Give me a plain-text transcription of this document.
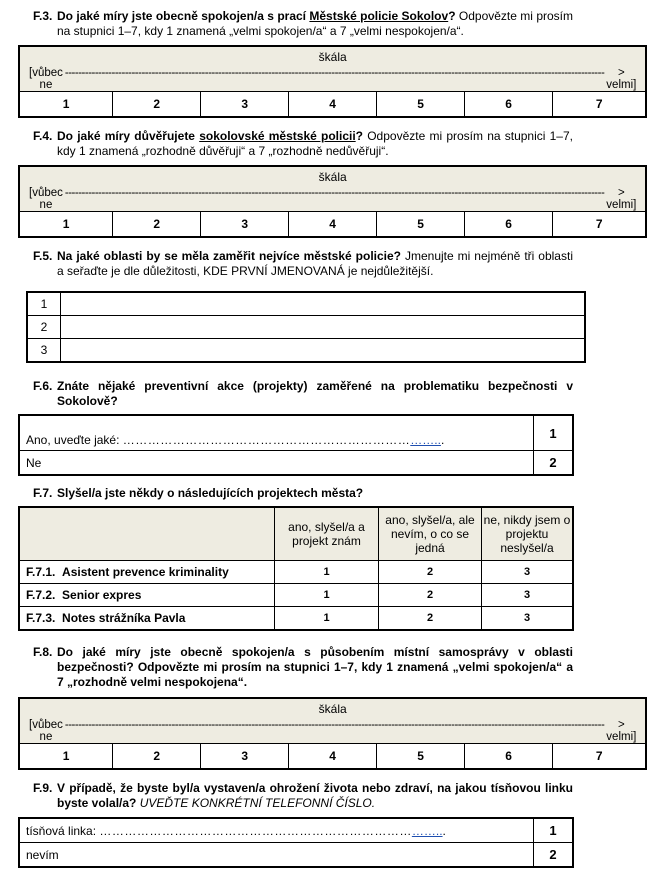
F.3. Do jaké míry jste obecně spokojen/a s prací Městské policie Sokolov? Odpovězte mi prosím na stupnici 1–7, kdy 1 znamená „velmi spokojen/a“ a 7 „velmi nespokojen/a“.
škála
[vůbec ne
------------------------------------------------------------------------------------------------------------------------------------------------------------------	> velmi]

1	2	3	4	5	6	7
F.4. Do jaké míry důvěřujete sokolovské městské policii? Odpovězte mi prosím na stupnici 1–7, kdy 1 znamená „rozhodně důvěřuji“ a 7 „rozhodně nedůvěřuji“.
škála
[vůbec ne
------------------------------------------------------------------------------------------------------------------------------------------------------------------	> velmi]

1	2	3	4	5	6	7
F.5. Na jaké oblasti by se měla zaměřit nejvíce městské policie? Jmenujte mi nejméně tři oblasti a seřaďte je dle důležitosti, KDE PRVNÍ JMENOVANÁ je nejdůležitější.
1	
2	
3	
F.6. Znáte nějaké preventivní akce (projekty) zaměřené na problematiku bezpečnosti v Sokolově?
Ano, uveďte jaké: …………………………………………………………………...	1
Ne	2
F.7. Slyšel/a jste někdy o následujících projektech města?
	ano, slyšel/a a projekt znám	ano, slyšel/a, ale nevím, o co se jedná	ne, nikdy jsem o projektu neslyšel/a
F.7.1. Asistent prevence kriminality	1	2	3
F.7.2. Senior expres	1	2	3
F.7.3. Notes strážníka Pavla	1	2	3
F.8. Do jaké míry jste obecně spokojen/a s působením místní samosprávy v oblasti bezpečnosti? Odpovězte mi prosím na stupnici 1–7, kdy 1 znamená „velmi spokojen/a“ a 7 „rozhodně velmi nespokojena“.
škála
[vůbec ne
------------------------------------------------------------------------------------------------------------------------------------------------------------------	> velmi]

1	2	3	4	5	6	7
F.9. V případě, že byste byl/a vystaven/a ohrožení života nebo zdraví, na jakou tísňovou linku byste volal/a? UVEĎTE KONKRÉTNÍ TELEFONNÍ ČÍSLO.
tísňová linka: ………………………………………………………………………...	1
nevím	2
